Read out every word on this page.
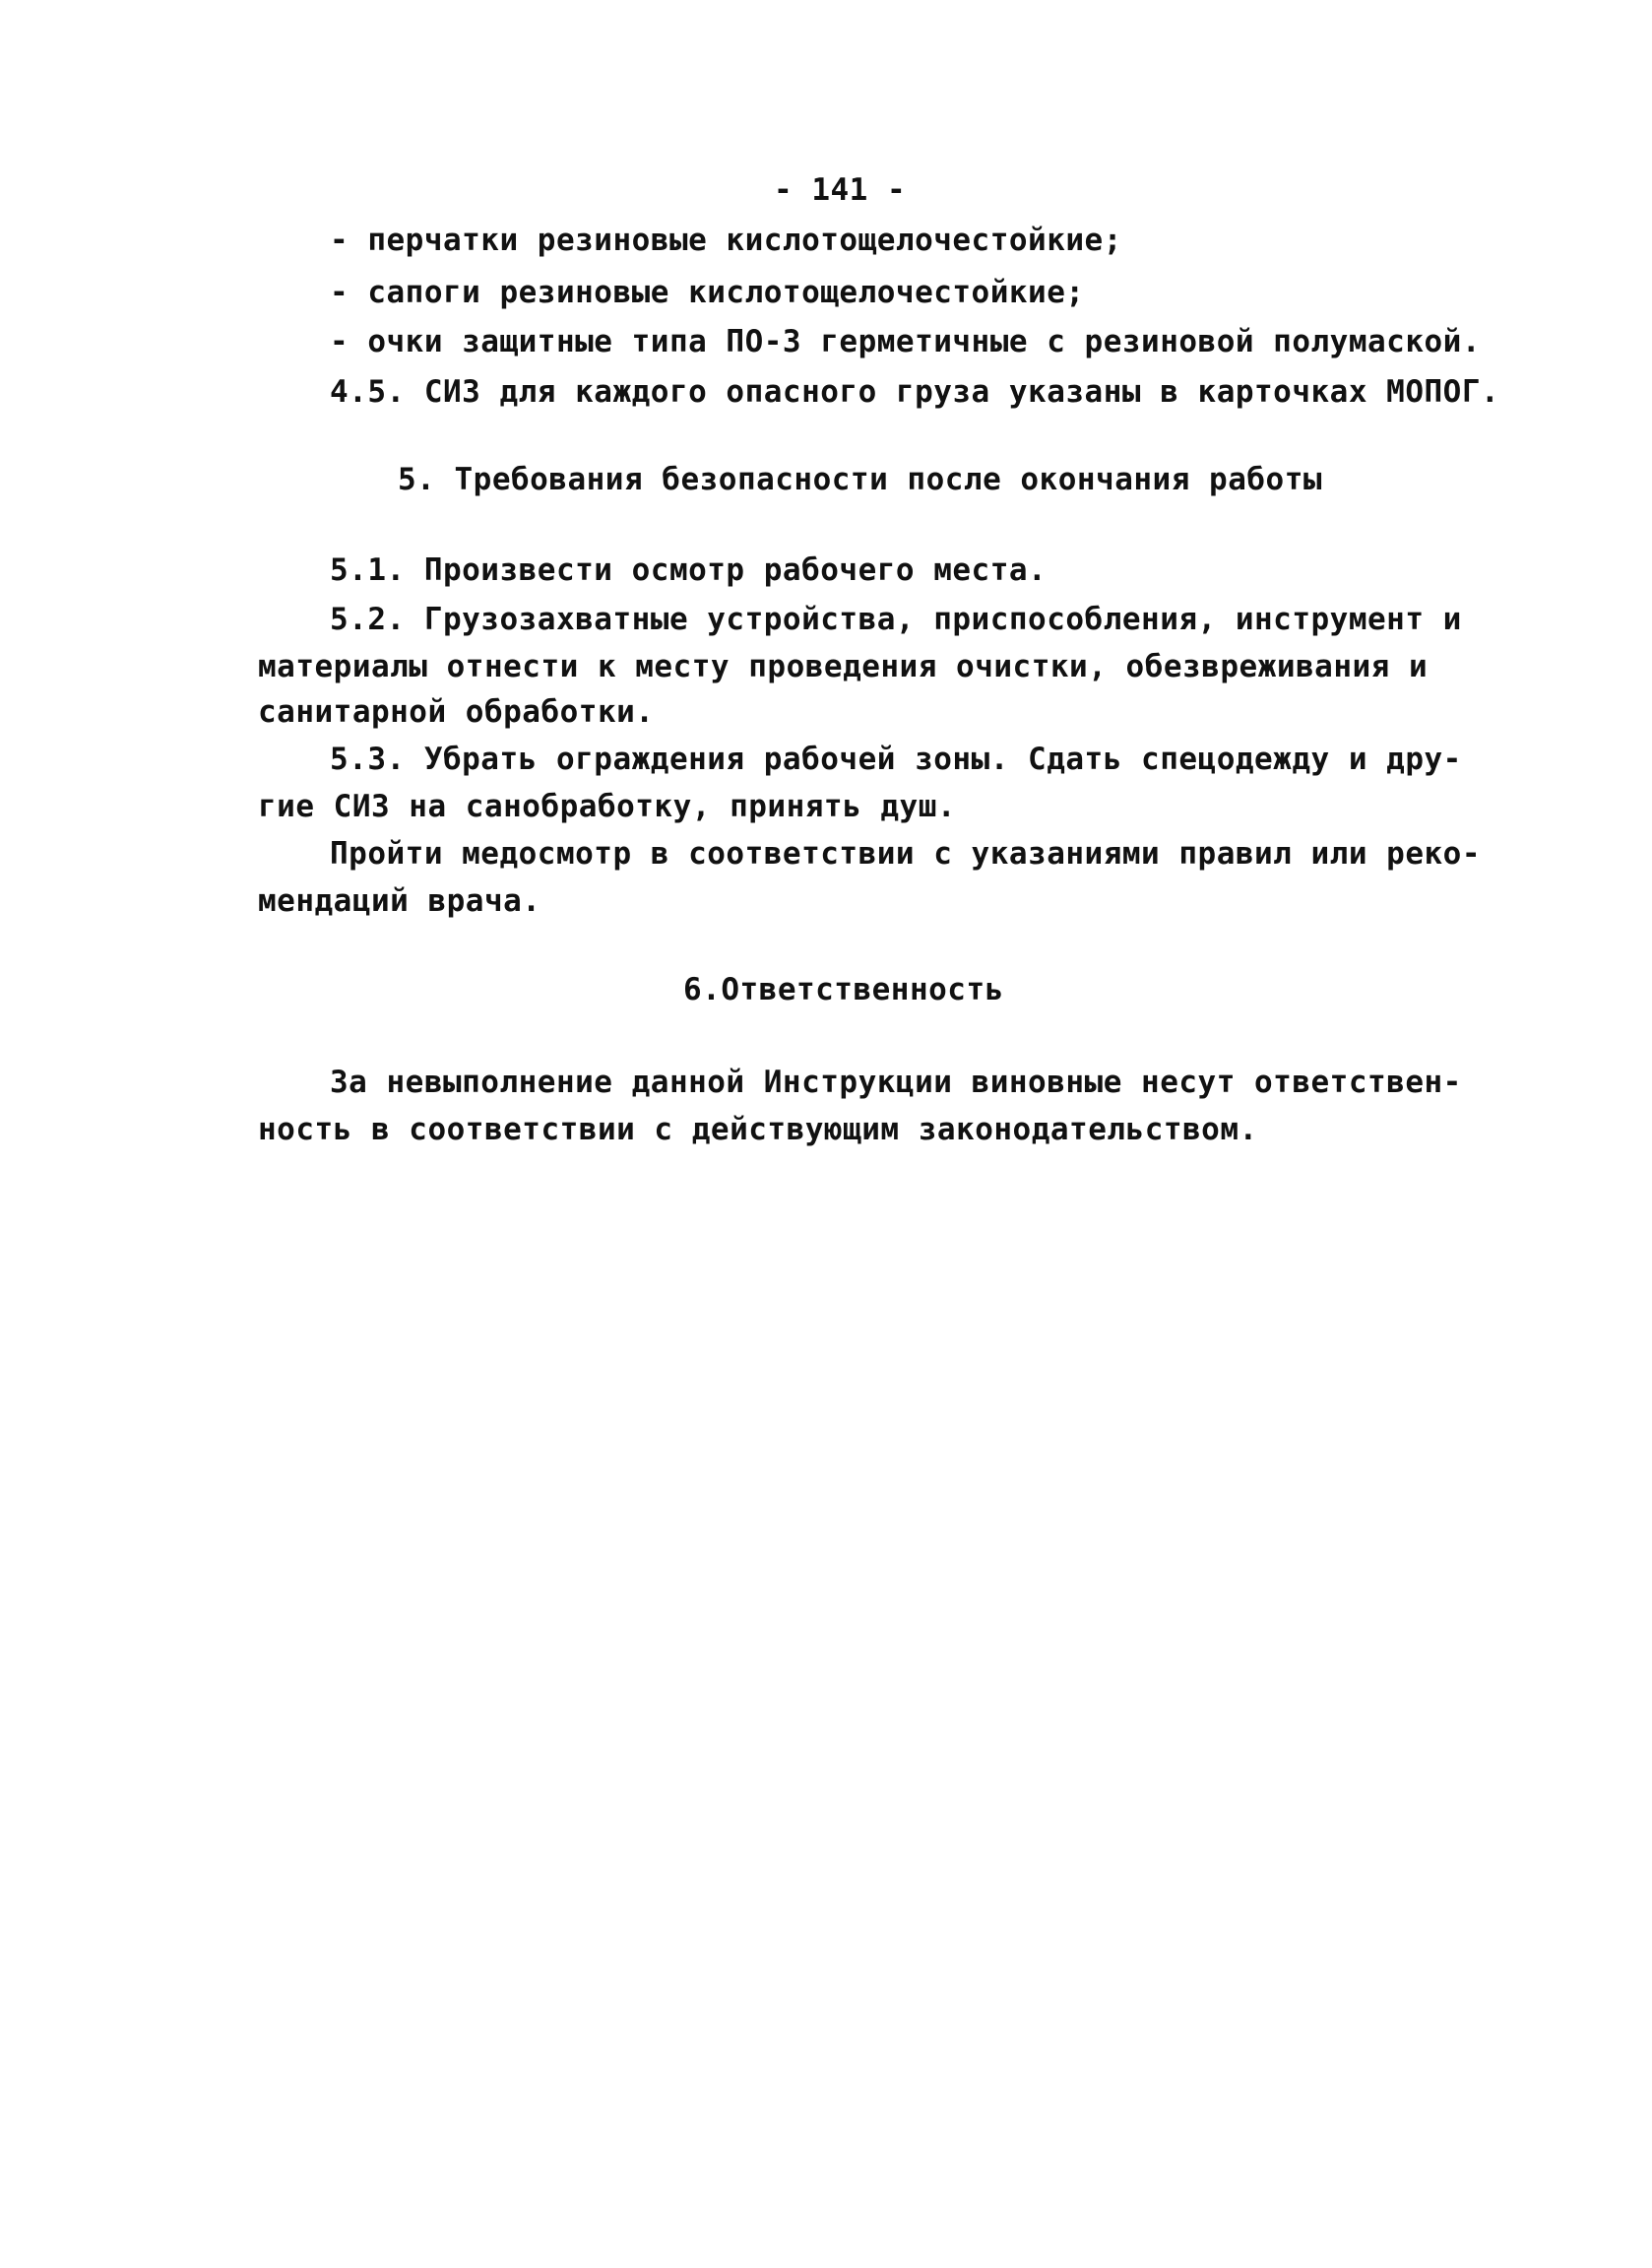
- 141 -
- перчатки резиновые кислотощелочестойкие;
- сапоги резиновые кислотощелочестойкие;
- очки защитные типа ПО-3 герметичные с резиновой полумаской.
4.5. СИЗ для каждого опасного груза указаны в карточках МОПОГ.
5. Требования безопасности после окончания работы
5.1. Произвести осмотр рабочего места.
5.2. Грузозахватные устройства, приспособления, инструмент и
материалы отнести к месту проведения очистки, обезвреживания и
санитарной обработки.
5.3. Убрать ограждения рабочей зоны. Сдать спецодежду и дру-
гие СИЗ на санобработку, принять душ.
Пройти медосмотр в соответствии с указаниями правил или реко-
мендаций врача.
6.Ответственность
За невыполнение данной Инструкции виновные несут ответствен-
ность в соответствии с действующим законодательством.
